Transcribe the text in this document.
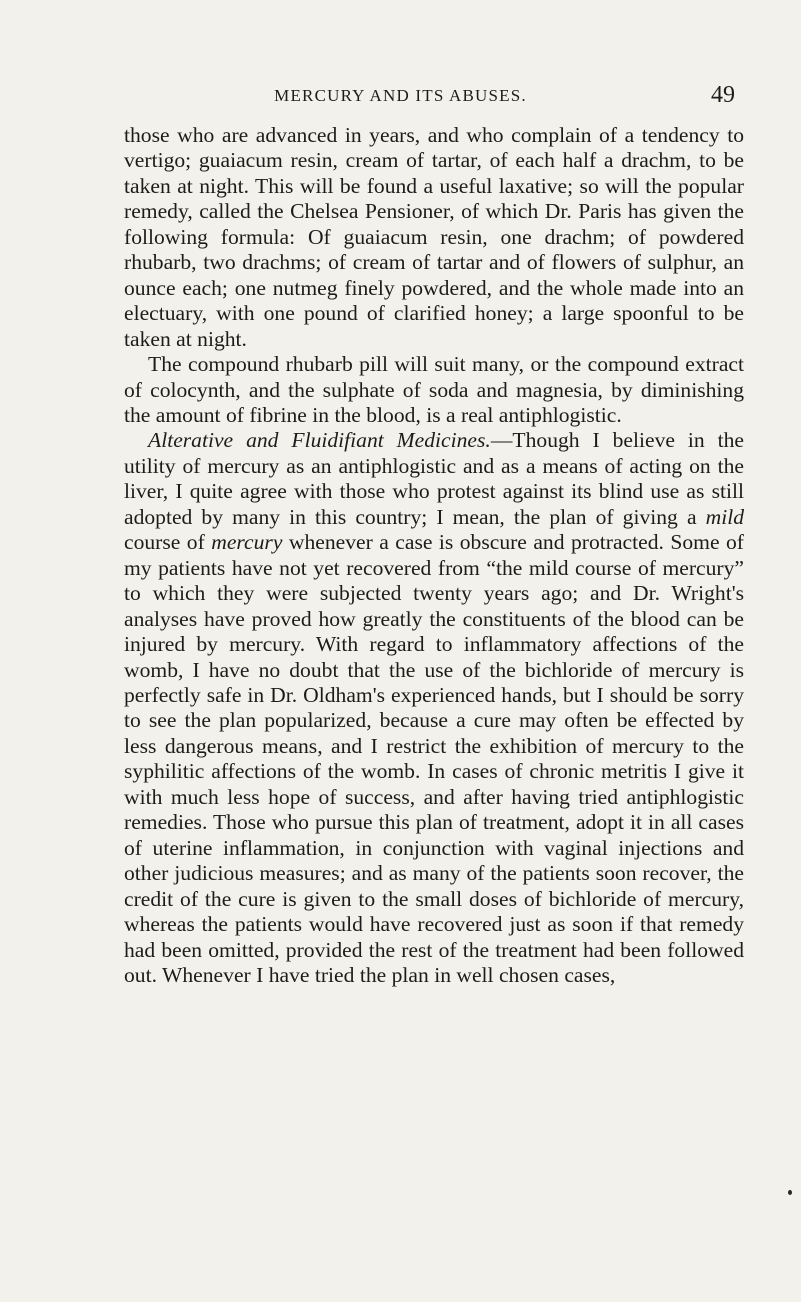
MERCURY AND ITS ABUSES.	49

those who are advanced in years, and who complain of a tendency to vertigo; guaiacum resin, cream of tartar, of each half a drachm, to be taken at night. This will be found a useful laxative; so will the popular remedy, called the Chelsea Pensioner, of which Dr. Paris has given the following formula: Of guaiacum resin, one drachm; of powdered rhubarb, two drachms; of cream of tartar and of flowers of sulphur, an ounce each; one nutmeg finely powdered, and the whole made into an electuary, with one pound of clarified honey; a large spoonful to be taken at night.

The compound rhubarb pill will suit many, or the compound extract of colocynth, and the sulphate of soda and magnesia, by diminishing the amount of fibrine in the blood, is a real antiphlogistic.

Alterative and Fluidifiant Medicines.—Though I believe in the utility of mercury as an antiphlogistic and as a means of acting on the liver, I quite agree with those who protest against its blind use as still adopted by many in this country; I mean, the plan of giving a mild course of mercury whenever a case is obscure and protracted. Some of my patients have not yet recovered from “the mild course of mercury” to which they were subjected twenty years ago; and Dr. Wright's analyses have proved how greatly the constituents of the blood can be injured by mercury. With regard to inflammatory affections of the womb, I have no doubt that the use of the bichloride of mercury is perfectly safe in Dr. Oldham's experienced hands, but I should be sorry to see the plan popularized, because a cure may often be effected by less dangerous means, and I restrict the exhibition of mercury to the syphilitic affections of the womb. In cases of chronic metritis I give it with much less hope of success, and after having tried antiphlogistic remedies. Those who pursue this plan of treatment, adopt it in all cases of uterine inflammation, in conjunction with vaginal injections and other judicious measures; and as many of the patients soon recover, the credit of the cure is given to the small doses of bichloride of mercury, whereas the patients would have recovered just as soon if that remedy had been omitted, provided the rest of the treatment had been followed out. Whenever I have tried the plan in well chosen cases,
